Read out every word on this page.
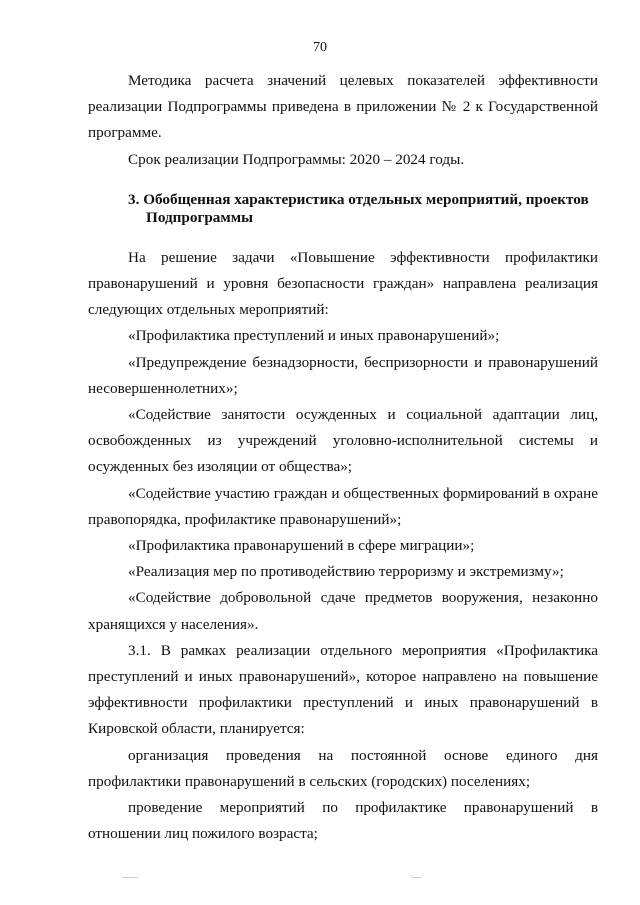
70

Методика расчета значений целевых показателей эффективности реализации Подпрограммы приведена в приложении № 2 к Государственной программе.

Срок реализации Подпрограммы: 2020 – 2024 годы.

3. Обобщенная характеристика отдельных мероприятий, проектов
Подпрограммы

На решение задачи «Повышение эффективности профилактики правонарушений и уровня безопасности граждан» направлена реализация следующих отдельных мероприятий:

«Профилактика преступлений и иных правонарушений»;

«Предупреждение безнадзорности, беспризорности и правонарушений несовершеннолетних»;

«Содействие занятости осужденных и социальной адаптации лиц, освобожденных из учреждений уголовно-исполнительной системы и осужденных без изоляции от общества»;

«Содействие участию граждан и общественных формирований в охране правопорядка, профилактике правонарушений»;

«Профилактика правонарушений в сфере миграции»;

«Реализация мер по противодействию терроризму и экстремизму»;

«Содействие добровольной сдаче предметов вооружения, незаконно хранящихся у населения».

3.1. В рамках реализации отдельного мероприятия «Профилактика преступлений и иных правонарушений», которое направлено на повышение эффективности профилактики преступлений и иных правонарушений в Кировской области, планируется:

организация проведения на постоянной основе единого дня профилактики правонарушений в сельских (городских) поселениях;

проведение мероприятий по профилактике правонарушений в отношении лиц пожилого возраста;

——	·—·
